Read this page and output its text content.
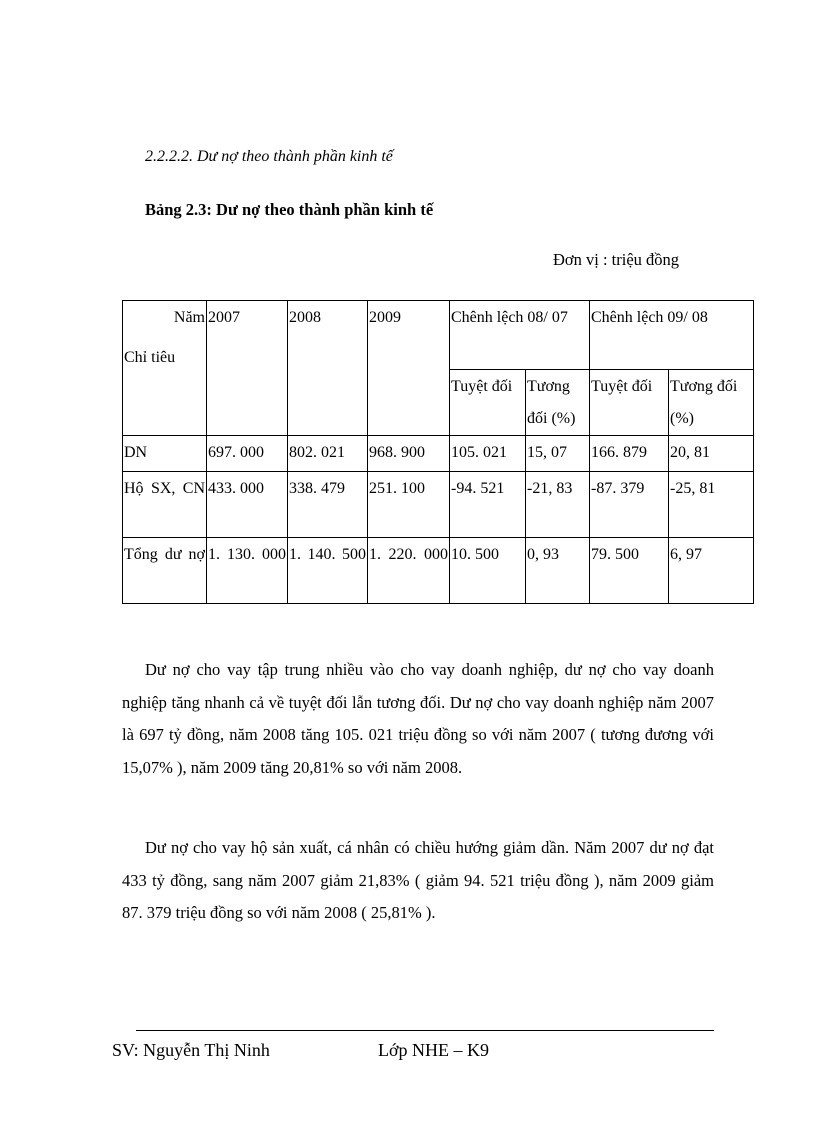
2.2.2.2. Dư nợ theo thành phần kinh tế
Bảng 2.3: Dư nợ theo thành phần kinh tế
Đơn vị : triệu đồng
Năm
Chỉ tiêu	2007	2008	2009	Chênh lệch 08/ 07		Chênh lệch 09/ 08	
				Tuyệt đối	Tương đối (%)	Tuyệt đối	Tương đối (%)
DN	697. 000	802. 021	968. 900	105. 021	15, 07	166. 879	20, 81
Hộ SX, CN	433. 000	338. 479	251. 100	-94. 521	-21, 83	-87. 379	-25, 81
Tổng dư nợ	1. 130. 000	1. 140. 500	1. 220. 000	10. 500	0, 93	79. 500	6, 97
Dư nợ cho vay tập trung nhiều vào cho vay doanh nghiệp, dư nợ cho vay doanh nghiệp tăng nhanh cả về tuyệt đối lẫn tương đối. Dư nợ cho vay doanh nghiệp năm 2007 là 697 tỷ đồng, năm 2008 tăng 105. 021 triệu đồng so với năm 2007 ( tương đương với 15,07% ), năm 2009 tăng 20,81% so với năm 2008.
Dư nợ cho vay hộ sản xuất, cá nhân có chiều hướng giảm dần. Năm 2007 dư nợ đạt 433 tỷ đồng, sang năm 2007 giảm 21,83% ( giảm 94. 521 triệu đồng ), năm 2009 giảm 87. 379 triệu đồng so với năm 2008 ( 25,81% ).
SV: Nguyễn Thị Ninh	Lớp NHE – K9
